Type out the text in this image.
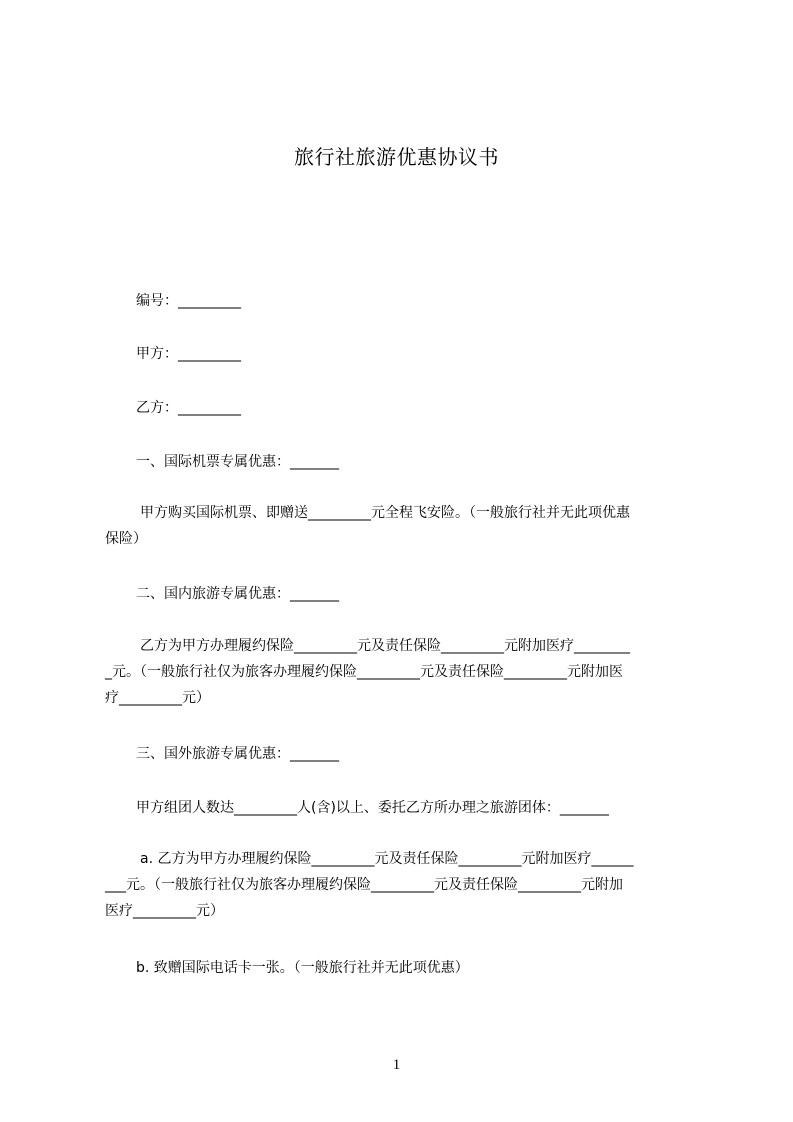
旅行社旅游优惠协议书
编号：_________
甲方：_________
乙方：_________
一、国际机票专属优惠：_______
甲方购买国际机票、即赠送_________元全程飞安险。（一般旅行社并无此项优惠
保险）
二、国内旅游专属优惠：_______
乙方为甲方办理履约保险_________元及责任保险_________元附加医疗________
_元。（一般旅行社仅为旅客办理履约保险_________元及责任保险_________元附加医
疗_________元）
三、国外旅游专属优惠：_______
甲方组团人数达_________人(含)以上、委托乙方所办理之旅游团体：_______
a. 乙方为甲方办理履约保险_________元及责任保险_________元附加医疗______
___元。（一般旅行社仅为旅客办理履约保险_________元及责任保险_________元附加
医疗_________元）
b. 致赠国际电话卡一张。（一般旅行社并无此项优惠）
1
